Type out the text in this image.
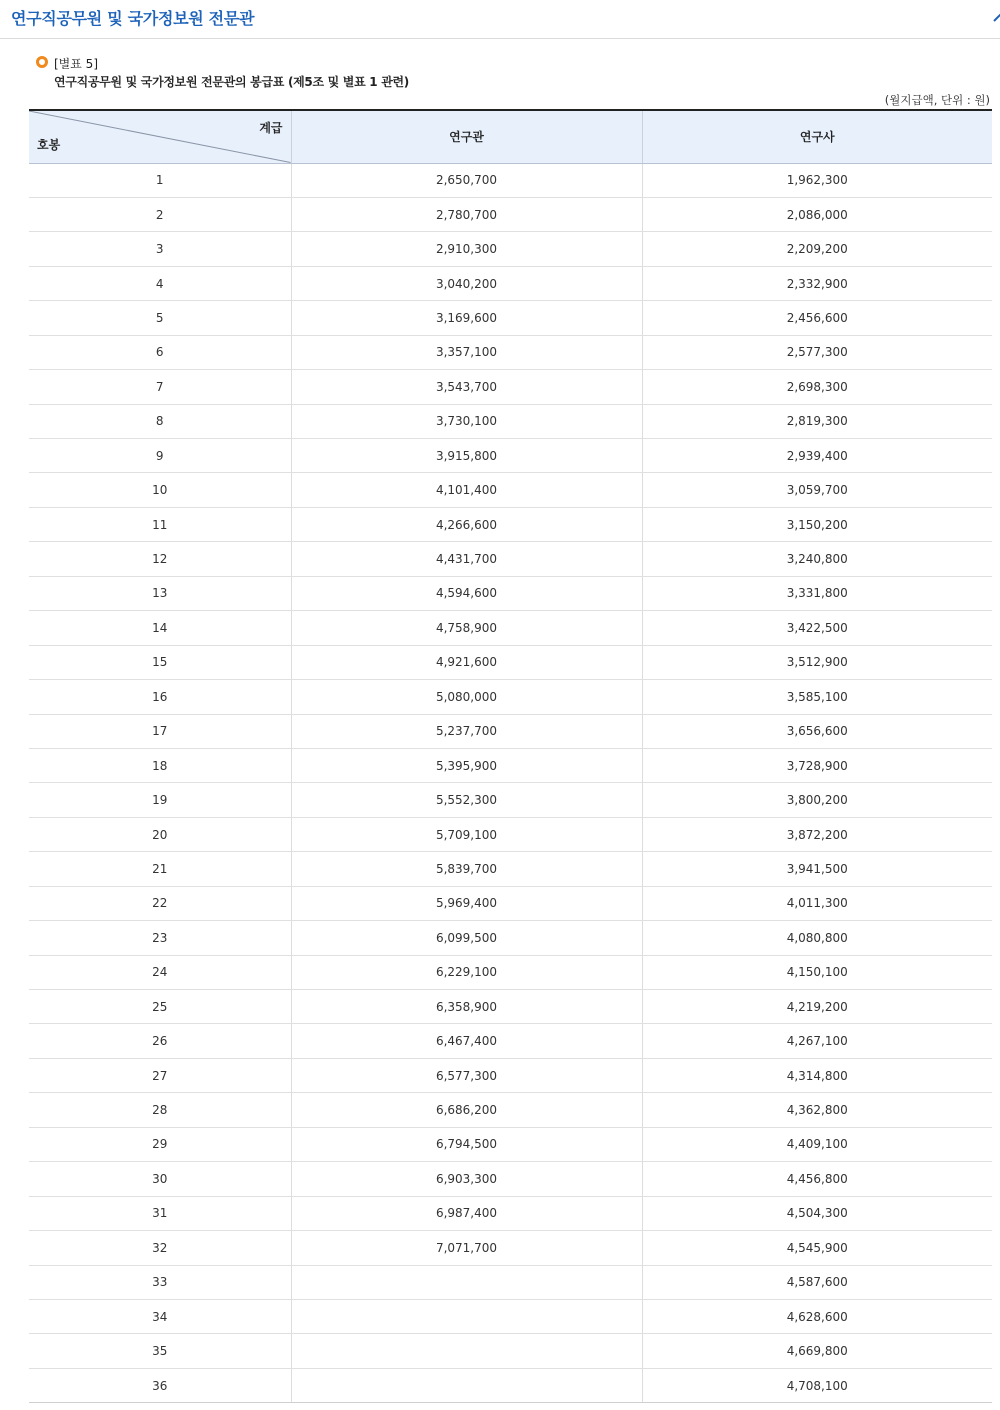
연구직공무원 및 국가정보원 전문관
[별표 5]
연구직공무원 및 국가정보원 전문관의 봉급표 (제5조 및 별표 1 관련)
(월지급액, 단위 : 원)
계급
호봉	연구관	연구사
1	2,650,700	1,962,300
2	2,780,700	2,086,000
3	2,910,300	2,209,200
4	3,040,200	2,332,900
5	3,169,600	2,456,600
6	3,357,100	2,577,300
7	3,543,700	2,698,300
8	3,730,100	2,819,300
9	3,915,800	2,939,400
10	4,101,400	3,059,700
11	4,266,600	3,150,200
12	4,431,700	3,240,800
13	4,594,600	3,331,800
14	4,758,900	3,422,500
15	4,921,600	3,512,900
16	5,080,000	3,585,100
17	5,237,700	3,656,600
18	5,395,900	3,728,900
19	5,552,300	3,800,200
20	5,709,100	3,872,200
21	5,839,700	3,941,500
22	5,969,400	4,011,300
23	6,099,500	4,080,800
24	6,229,100	4,150,100
25	6,358,900	4,219,200
26	6,467,400	4,267,100
27	6,577,300	4,314,800
28	6,686,200	4,362,800
29	6,794,500	4,409,100
30	6,903,300	4,456,800
31	6,987,400	4,504,300
32	7,071,700	4,545,900
33		4,587,600
34		4,628,600
35		4,669,800
36		4,708,100
